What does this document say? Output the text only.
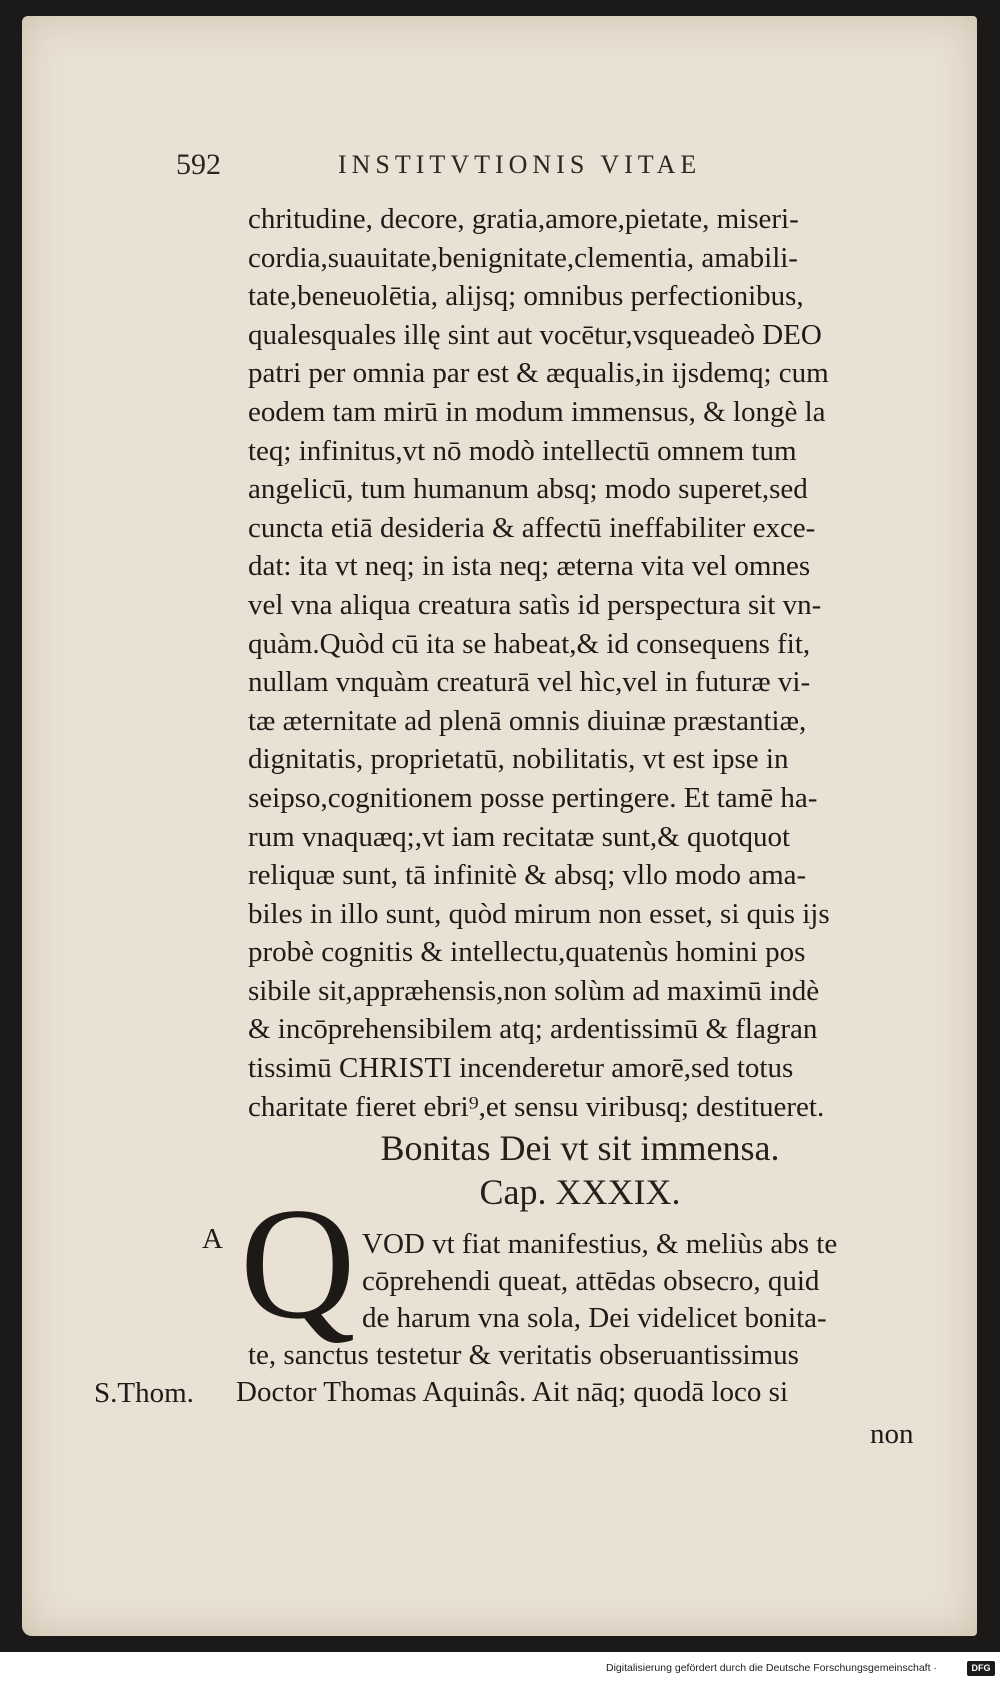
592	INSTITVTIONIS VITAE
chritudine, decore, gratia,amore,pietate, miseri-
cordia,suauitate,benignitate,clementia, amabili-
tate,beneuolētia, alijsq; omnibus perfectionibus,
qualesquales illę sint aut vocētur,vsqueadeò DEO
patri per omnia par est & æqualis,in ijsdemq; cum
eodem tam mirū in modum immensus, & longè la
teq; infinitus,vt nō modò intellectū omnem tum
angelicū, tum humanum absq; modo superet,sed
cuncta etiā desideria & affectū ineffabiliter exce-
dat: ita vt neq; in ista neq; æterna vita vel omnes
vel vna aliqua creatura satìs id perspectura sit vn-
quàm.Quòd cū ita se habeat,& id consequens fit,
nullam vnquàm creaturā vel hìc,vel in futuræ vi-
tæ æternitate ad plenā omnis diuinæ præstantiæ,
dignitatis, proprietatū, nobilitatis, vt est ipse in
seipso,cognitionem posse pertingere. Et tamē ha-
rum vnaquæq;,vt iam recitatæ sunt,& quotquot
reliquæ sunt, tā infinitè & absq; vllo modo ama-
biles in illo sunt, quòd mirum non esset, si quis ijs
probè cognitis & intellectu,quatenùs homini pos
sibile sit,appræhensis,non solùm ad maximū indè
& incōprehensibilem atq; ardentissimū & flagran
tissimū CHRISTI incenderetur amorē,sed totus
charitate fieret ebri⁹,et sensu viribusq; destitueret.
Bonitas Dei vt sit immensa.
Cap. XXXIX.
A Q VOD vt fiat manifestius, & meliùs abs te
cōprehendi queat, attēdas obsecro, quid
de harum vna sola, Dei videlicet bonita-
te, sanctus testetur & veritatis obseruantissimus
Doctor Thomas Aquinâs. Ait nāq; quodā loco si
S.Thom.
non
Digitalisierung gefördert durch die Deutsche Forschungsgemeinschaft ·	DFG
